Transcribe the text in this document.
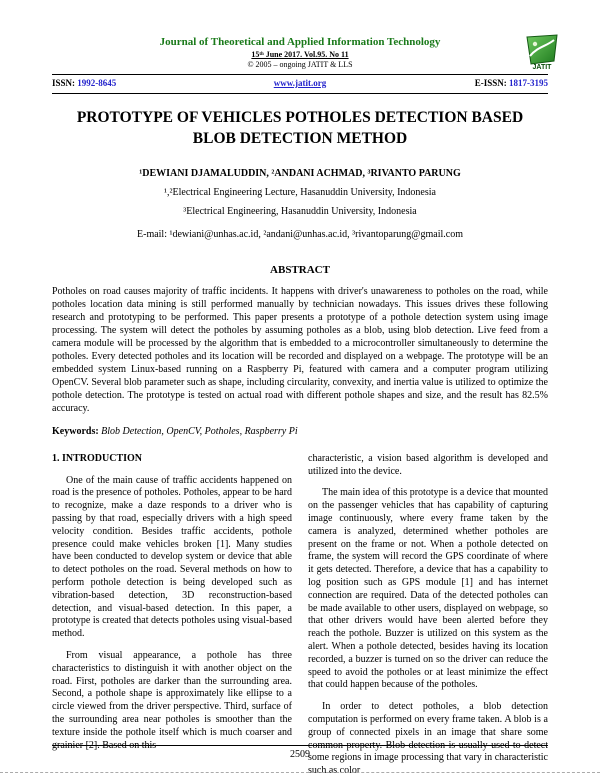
Journal of Theoretical and Applied Information Technology
15ᵗʰ June 2017. Vol.95. No 11
© 2005 – ongoing JATIT & LLS	JATIT
ISSN: 1992-8645	www.jatit.org	E-ISSN: 1817-3195
PROTOTYPE OF VEHICLES POTHOLES DETECTION BASED BLOB DETECTION METHOD
¹DEWIANI DJAMALUDDIN, ²ANDANI ACHMAD, ³RIVANTO PARUNG
¹,²Electrical Engineering Lecture, Hasanuddin University, Indonesia
³Electrical Engineering, Hasanuddin University, Indonesia
E-mail: ¹dewiani@unhas.ac.id, ²andani@unhas.ac.id, ³rivantoparung@gmail.com
ABSTRACT
Potholes on road causes majority of traffic incidents. It happens with driver's unawareness to potholes on the road, while potholes location data mining is still performed manually by technician nowadays. This issues drives these following research and prototyping to be performed. This paper presents a prototype of a pothole detection system using image processing. The system will detect the potholes by assuming potholes as a blob, using blob detection. Live feed from a camera module will be processed by the algorithm that is embedded to a microcontroller simultaneously to determine the potholes. Every detected potholes and its location will be recorded and displayed on a webpage. The prototype will be an embedded system Linux-based running on a Raspberry Pi, featured with camera and a computer program utilizing OpenCV. Several blob parameter such as shape, including circularity, convexity, and inertia value is utilized to optimize the pothole detection. The prototype is tested on actual road with different pothole shapes and size, and the result has 82.5% accuracy.
Keywords: Blob Detection, OpenCV, Potholes, Raspberry Pi
1. INTRODUCTION

One of the main cause of traffic accidents happened on road is the presence of potholes. Potholes, appear to be hard to recognize, make a daze responds to a driver who is passing by that road, especially drivers with a high speed velocity condition. Besides traffic accidents, pothole presence could make vehicles broken [1]. Many studies have been conducted to develop system or device that able to detect potholes on the road. Several methods on how to perform pothole detection is being developed such as vibration-based detection, 3D reconstruction-based detection, and visual-based detection. In this paper, a prototype is created that detects potholes using visual-based method.

From visual appearance, a pothole has three characteristics to distinguish it with another object on the road. First, potholes are darker than the surrounding area. Second, a pothole shape is approximately like ellipse to a circle viewed from the driver perspective. Third, surface of the surrounding area near potholes is smoother than the texture inside the pothole itself which is much coarser and grainier [2]. Based on this

characteristic, a vision based algorithm is developed and utilized into the device.

The main idea of this prototype is a device that mounted on the passenger vehicles that has capability of capturing image continuously, where every frame taken by the camera is analyzed, determined whether potholes are present on the frame or not. When a pothole detected on frame, the system will record the GPS coordinate of where it gets detected. Therefore, a device that has a capability to log position such as GPS module [1] and has internet connection are required. Data of the detected potholes can be made available to other users, displayed on webpage, so that other drivers would have been alerted before they reach the pothole. Buzzer is utilized on this system as the alert. When a pothole detected, besides having its location recorded, a buzzer is turned on so the driver can reduce the speed to avoid the potholes or at least minimize the effect that could happen because of the potholes.

In order to detect potholes, a blob detection computation is performed on every frame taken. A blob is a group of connected pixels in an image that share some common property. Blob detection is usually used to detect some regions in image processing that vary in characteristic such as color

2509
